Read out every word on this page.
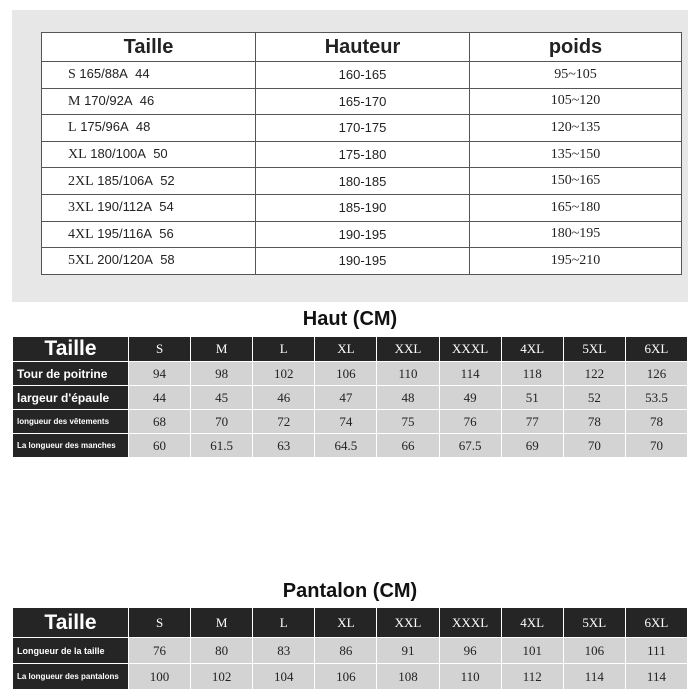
Taille	Hauteur	poids
S 165/88A 44	160-165	95~105
M 170/92A 46	165-170	105~120
L 175/96A 48	170-175	120~135
XL 180/100A 50	175-180	135~150
2XL 185/106A 52	180-185	150~165
3XL 190/112A 54	185-190	165~180
4XL 195/116A 56	190-195	180~195
5XL 200/120A 58	190-195	195~210
Haut (CM)
Taille	S	M	L	XL	XXL	XXXL	4XL	5XL	6XL
Tour de poitrine	94	98	102	106	110	114	118	122	126
largeur d'épaule	44	45	46	47	48	49	51	52	53.5
longueur des vêtements	68	70	72	74	75	76	77	78	78
La longueur des manches	60	61.5	63	64.5	66	67.5	69	70	70
Pantalon (CM)
Taille	S	M	L	XL	XXL	XXXL	4XL	5XL	6XL
Longueur de la taille	76	80	83	86	91	96	101	106	111
La longueur des pantalons	100	102	104	106	108	110	112	114	114
